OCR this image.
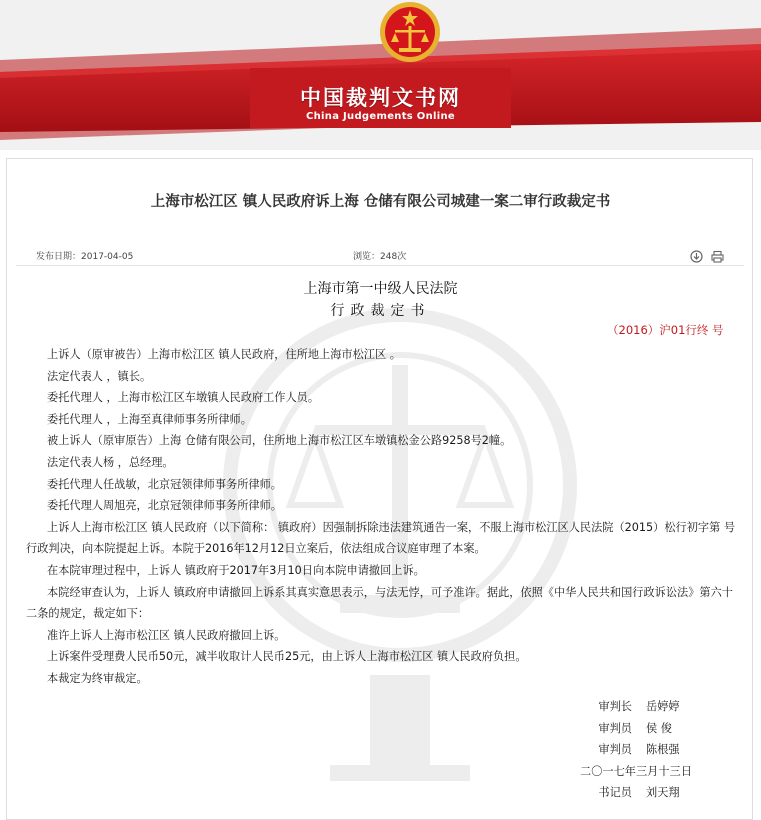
中国裁判文书网
China Judgements Online
上海市松江区 镇人民政府诉上海 仓储有限公司城建一案二审行政裁定书
发布日期：2017-04-05	浏览：248次

上海市第一中级人民法院
行政裁定书
（2016）沪01行终 号

上诉人（原审被告）上海市松江区 镇人民政府，住所地上海市松江区 。

法定代表人 ，镇长。

委托代理人 ，上海市松江区车墩镇人民政府工作人员。

委托代理人 ，上海至真律师事务所律师。

被上诉人（原审原告）上海 仓储有限公司，住所地上海市松江区车墩镇松金公路9258号2幢。

法定代表人杨 ，总经理。

委托代理人任战敏，北京冠领律师事务所律师。

委托代理人周旭亮，北京冠领律师事务所律师。

上诉人上海市松江区 镇人民政府（以下简称： 镇政府）因强制拆除违法建筑通告一案，不服上海市松江区人民法院（2015）松行初字第 号行政判决，向本院提起上诉。本院于2016年12月12日立案后，依法组成合议庭审理了本案。

在本院审理过程中，上诉人 镇政府于2017年3月10日向本院申请撤回上诉。

本院经审查认为，上诉人 镇政府申请撤回上诉系其真实意思表示，与法无悖，可予准许。据此，依照《中华人民共和国行政诉讼法》第六十二条的规定，裁定如下：

准许上诉人上海市松江区 镇人民政府撤回上诉。

上诉案件受理费人民币50元，减半收取计人民币25元，由上诉人上海市松江区 镇人民政府负担。

本裁定为终审裁定。

审判长	岳婷婷
审判员	侯 俊
审判员	陈根强
二〇一七年三月十三日
书记员	刘天翔
